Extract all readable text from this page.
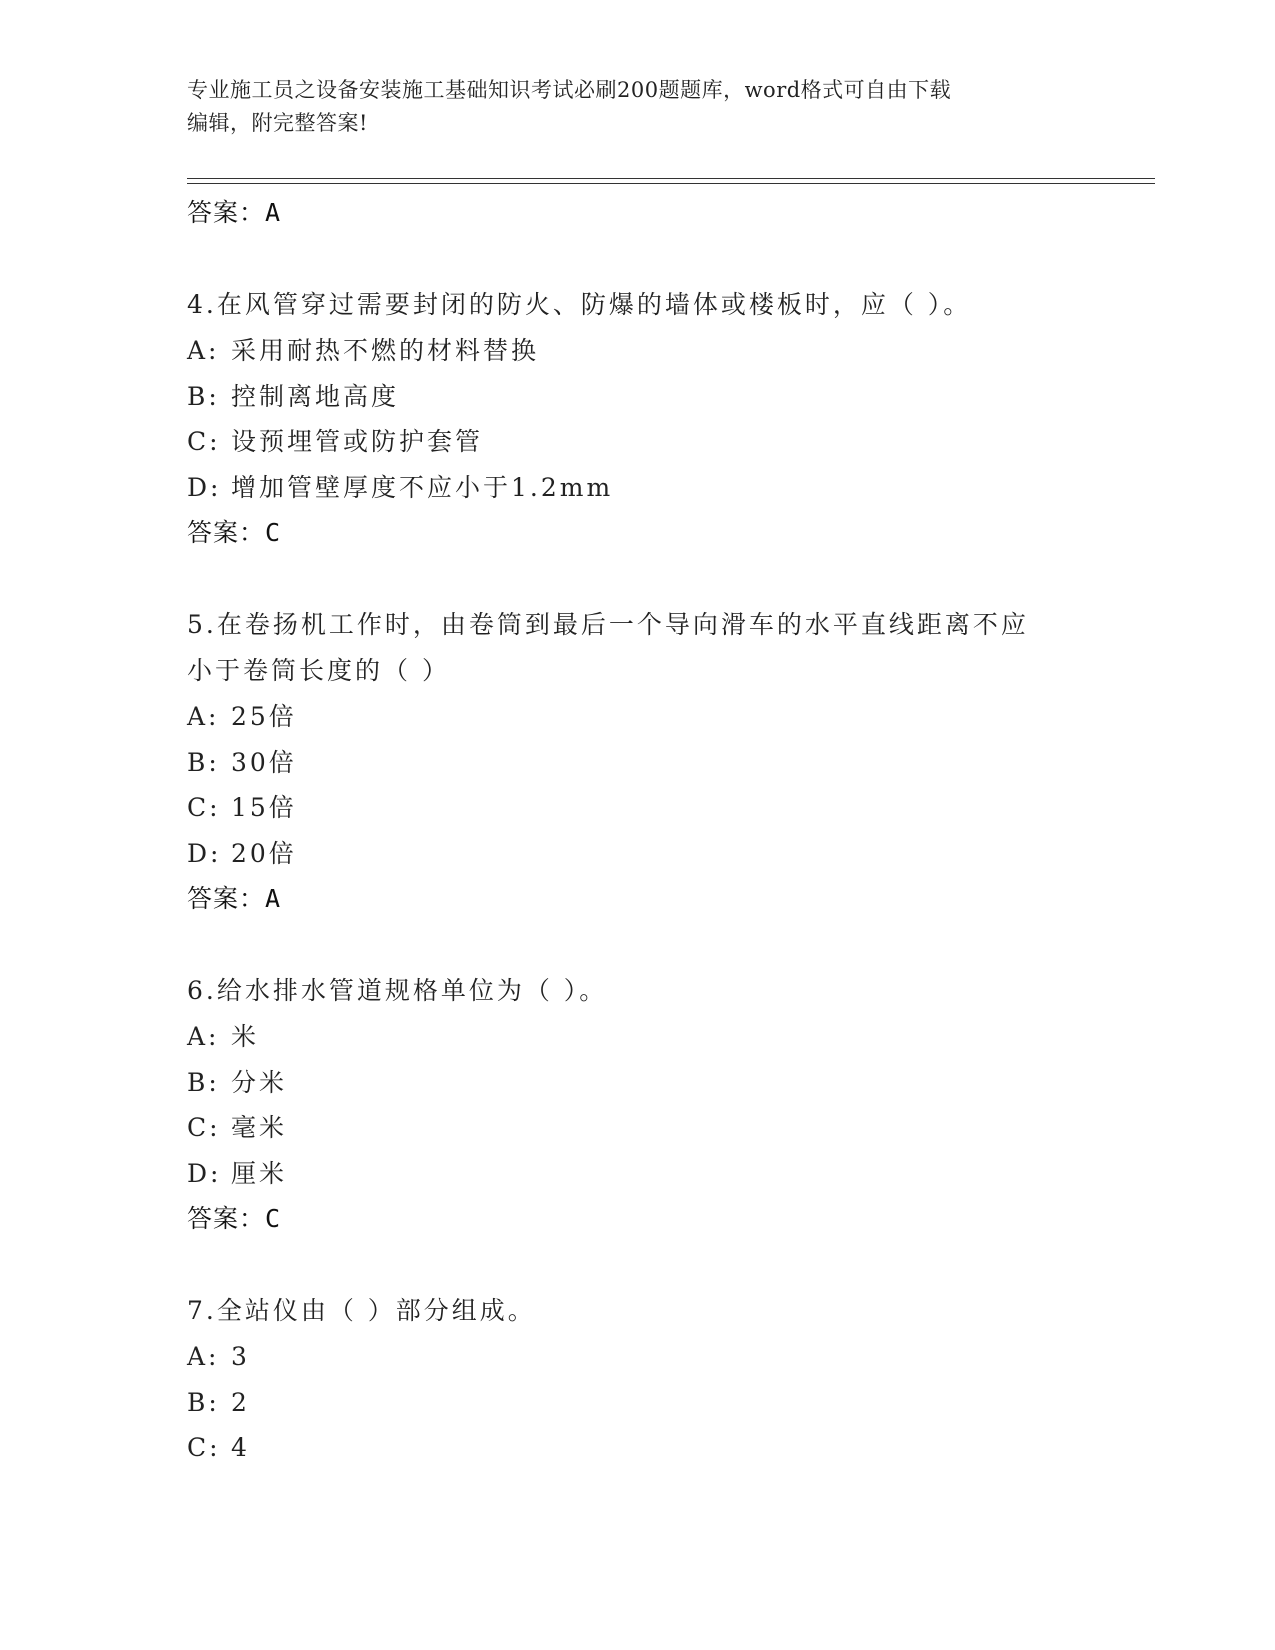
专业施工员之设备安装施工基础知识考试必刷200题题库，word格式可自由下载
编辑，附完整答案!
答案：A
4.在风管穿过需要封闭的防火、防爆的墙体或楼板时，应（ ）。
A: 采用耐热不燃的材料替换
B: 控制离地高度
C: 设预埋管或防护套管
D: 增加管壁厚度不应小于1.2mm
答案：C
5.在卷扬机工作时，由卷筒到最后一个导向滑车的水平直线距离不应
小于卷筒长度的（ ）
A: 25倍
B: 30倍
C: 15倍
D: 20倍
答案：A
6.给水排水管道规格单位为（ ）。
A: 米
B: 分米
C: 毫米
D: 厘米
答案：C
7.全站仪由（ ）部分组成。
A: 3
B: 2
C: 4
